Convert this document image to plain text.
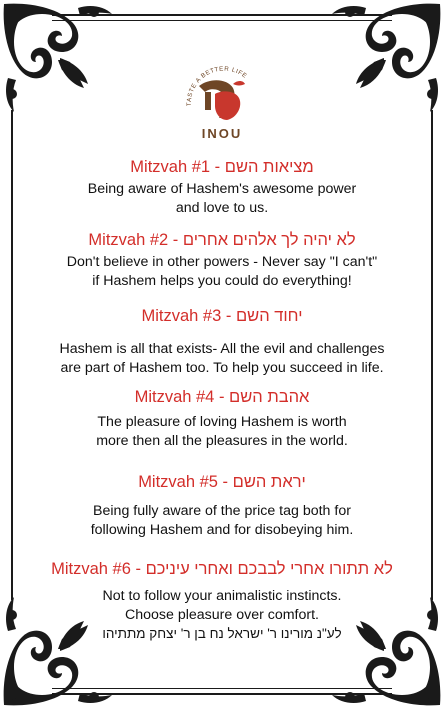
TASTE A BETTER LIFE
INOU
Mitzvah #1 - מציאות השם
Being aware of Hashem's awesome power
and love to us.
Mitzvah #2 - לא יהיה לך אלהים אחרים
Don't believe in other powers - Never say "I can't"
if Hashem helps you could do everything!
Mitzvah #3 - יחוד השם
Hashem is all that exists- All the evil and challenges
are part of Hashem too. To help you succeed in life.
Mitzvah #4 - אהבת השם
The pleasure of loving Hashem is worth
more then all the pleasures in the world.
Mitzvah #5 - יראת השם
Being fully aware of the price tag both for
following Hashem and for disobeying him.
Mitzvah #6 - לא תתורו אחרי לבבכם ואחרי עיניכם
Not to follow your animalistic instincts.
Choose pleasure over comfort.
לע"נ מורינו ר' ישראל נח בן ר' יצחק מתתיהו
